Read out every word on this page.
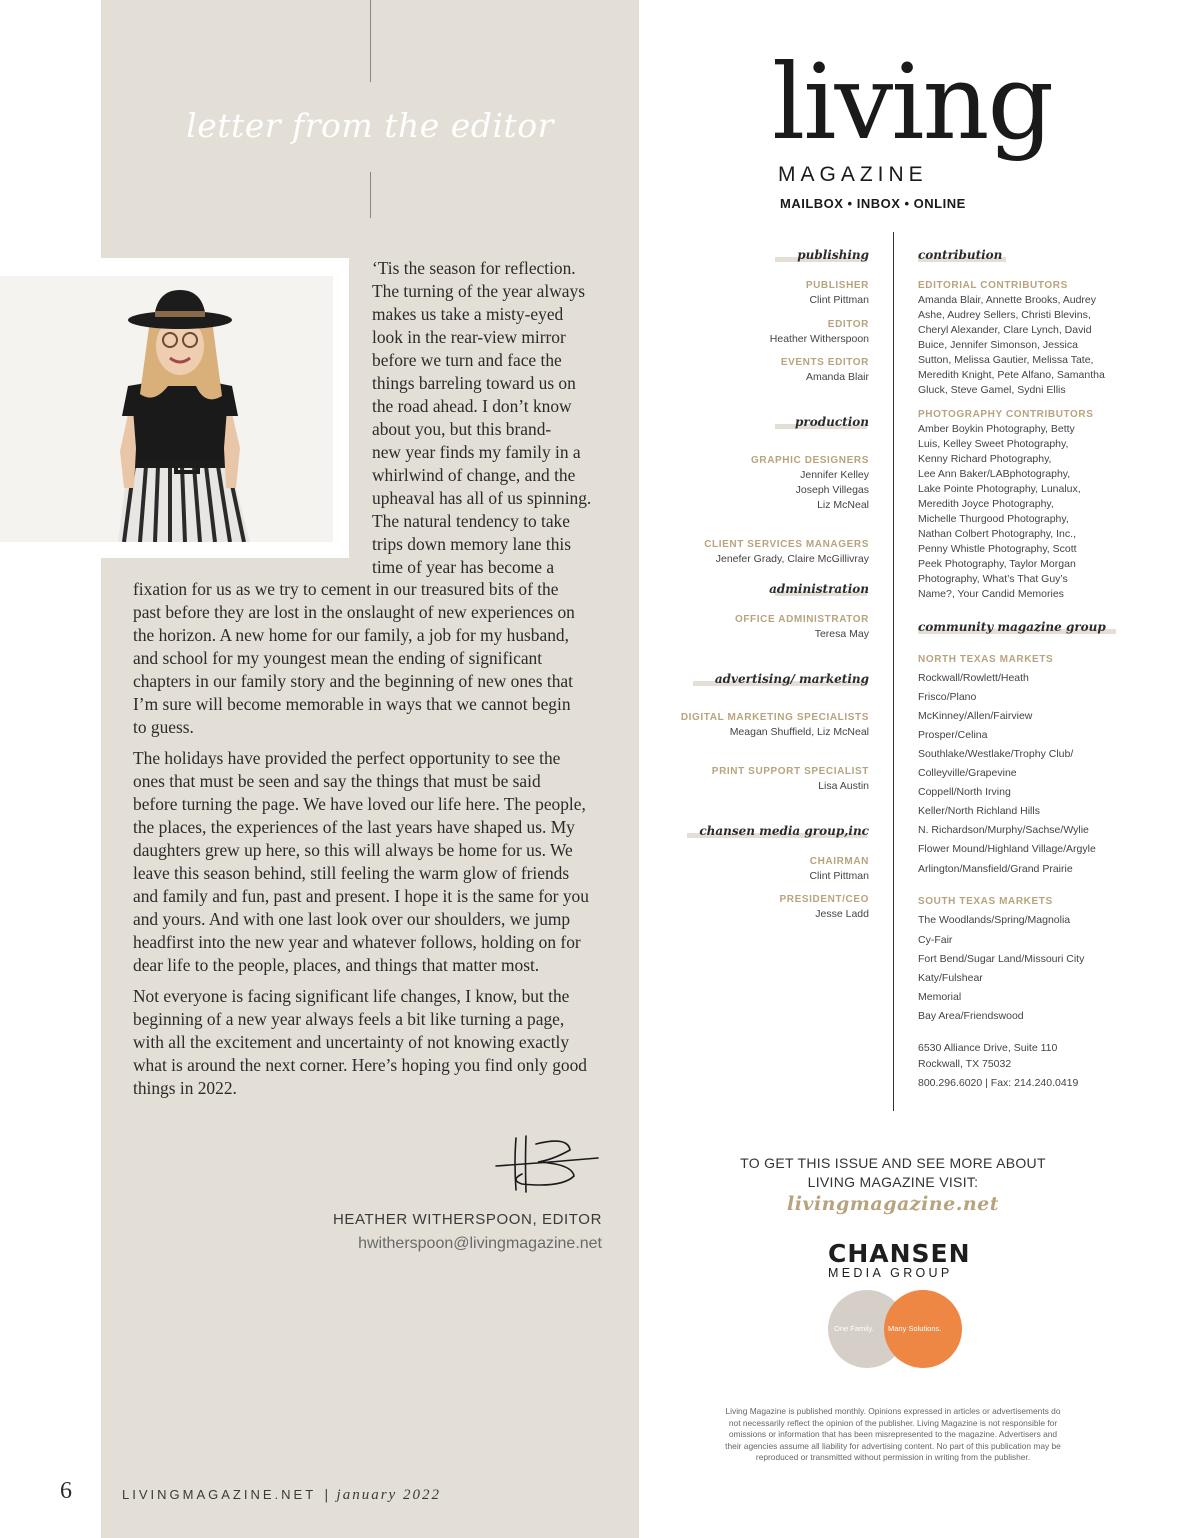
letter from the editor
‘Tis the season for reflection.
The turning of the year always
makes us take a misty-eyed
look in the rear-view mirror
before we turn and face the
things barreling toward us on
the road ahead. I don’t know
about you, but this brand-
new year finds my family in a
whirlwind of change, and the
upheaval has all of us spinning.
The natural tendency to take
trips down memory lane this
time of year has become a
fixation for us as we try to cement in our treasured bits of the
past before they are lost in the onslaught of new experiences on
the horizon. A new home for our family, a job for my husband,
and school for my youngest mean the ending of significant
chapters in our family story and the beginning of new ones that
I’m sure will become memorable in ways that we cannot begin
to guess.
The holidays have provided the perfect opportunity to see the
ones that must be seen and say the things that must be said
before turning the page. We have loved our life here. The people,
the places, the experiences of the last years have shaped us. My
daughters grew up here, so this will always be home for us. We
leave this season behind, still feeling the warm glow of friends
and family and fun, past and present. I hope it is the same for you
and yours. And with one last look over our shoulders, we jump
headfirst into the new year and whatever follows, holding on for
dear life to the people, places, and things that matter most.
Not everyone is facing significant life changes, I know, but the
beginning of a new year always feels a bit like turning a page,
with all the excitement and uncertainty of not knowing exactly
what is around the next corner. Here’s hoping you find only good
things in 2022.
HEATHER WITHERSPOON, EDITOR
hwitherspoon@livingmagazine.net
6	LIVINGMAGAZINE.NET | january 2022
living
MAGAZINE
MAILBOX • INBOX • ONLINE
publishing
PUBLISHER
Clint Pittman
EDITOR
Heather Witherspoon
EVENTS EDITOR
Amanda Blair
production
GRAPHIC DESIGNERS
Jennifer Kelley
Joseph Villegas
Liz McNeal
CLIENT SERVICES MANAGERS
Jenefer Grady, Claire McGillivray
administration
OFFICE ADMINISTRATOR
Teresa May
advertising/ marketing
DIGITAL MARKETING SPECIALISTS
Meagan Shuffield, Liz McNeal
PRINT SUPPORT SPECIALIST
Lisa Austin
chansen media group,inc
CHAIRMAN
Clint Pittman
PRESIDENT/CEO
Jesse Ladd
contribution
EDITORIAL CONTRIBUTORS
Amanda Blair, Annette Brooks, Audrey
Ashe, Audrey Sellers, Christi Blevins,
Cheryl Alexander, Clare Lynch, David
Buice, Jennifer Simonson, Jessica
Sutton, Melissa Gautier, Melissa Tate,
Meredith Knight, Pete Alfano, Samantha
Gluck, Steve Gamel, Sydni Ellis
PHOTOGRAPHY CONTRIBUTORS
Amber Boykin Photography, Betty
Luis, Kelley Sweet Photography,
Kenny Richard Photography,
Lee Ann Baker/LABphotography,
Lake Pointe Photography, Lunalux,
Meredith Joyce Photography,
Michelle Thurgood Photography,
Nathan Colbert Photography, Inc.,
Penny Whistle Photography, Scott
Peek Photography, Taylor Morgan
Photography, What’s That Guy’s
Name?, Your Candid Memories
community magazine group
NORTH TEXAS MARKETS
Rockwall/Rowlett/Heath
Frisco/Plano
McKinney/Allen/Fairview
Prosper/Celina
Southlake/Westlake/Trophy Club/
Colleyville/Grapevine
Coppell/North Irving
Keller/North Richland Hills
N. Richardson/Murphy/Sachse/Wylie
Flower Mound/Highland Village/Argyle
Arlington/Mansfield/Grand Prairie
SOUTH TEXAS MARKETS
The Woodlands/Spring/Magnolia
Cy-Fair
Fort Bend/Sugar Land/Missouri City
Katy/Fulshear
Memorial
Bay Area/Friendswood
6530 Alliance Drive, Suite 110
Rockwall, TX 75032
800.296.6020 | Fax: 214.240.0419
TO GET THIS ISSUE AND SEE MORE ABOUT
LIVING MAGAZINE VISIT:
livingmagazine.net
CHANSEN
MEDIA GROUP
One Family. Many Solutions.
Living Magazine is published monthly. Opinions expressed in articles or advertisements do
not necessarily reflect the opinion of the publisher. Living Magazine is not responsible for
omissions or information that has been misrepresented to the magazine. Advertisers and
their agencies assume all liability for advertising content. No part of this publication may be
reproduced or transmitted without permission in writing from the publisher.
